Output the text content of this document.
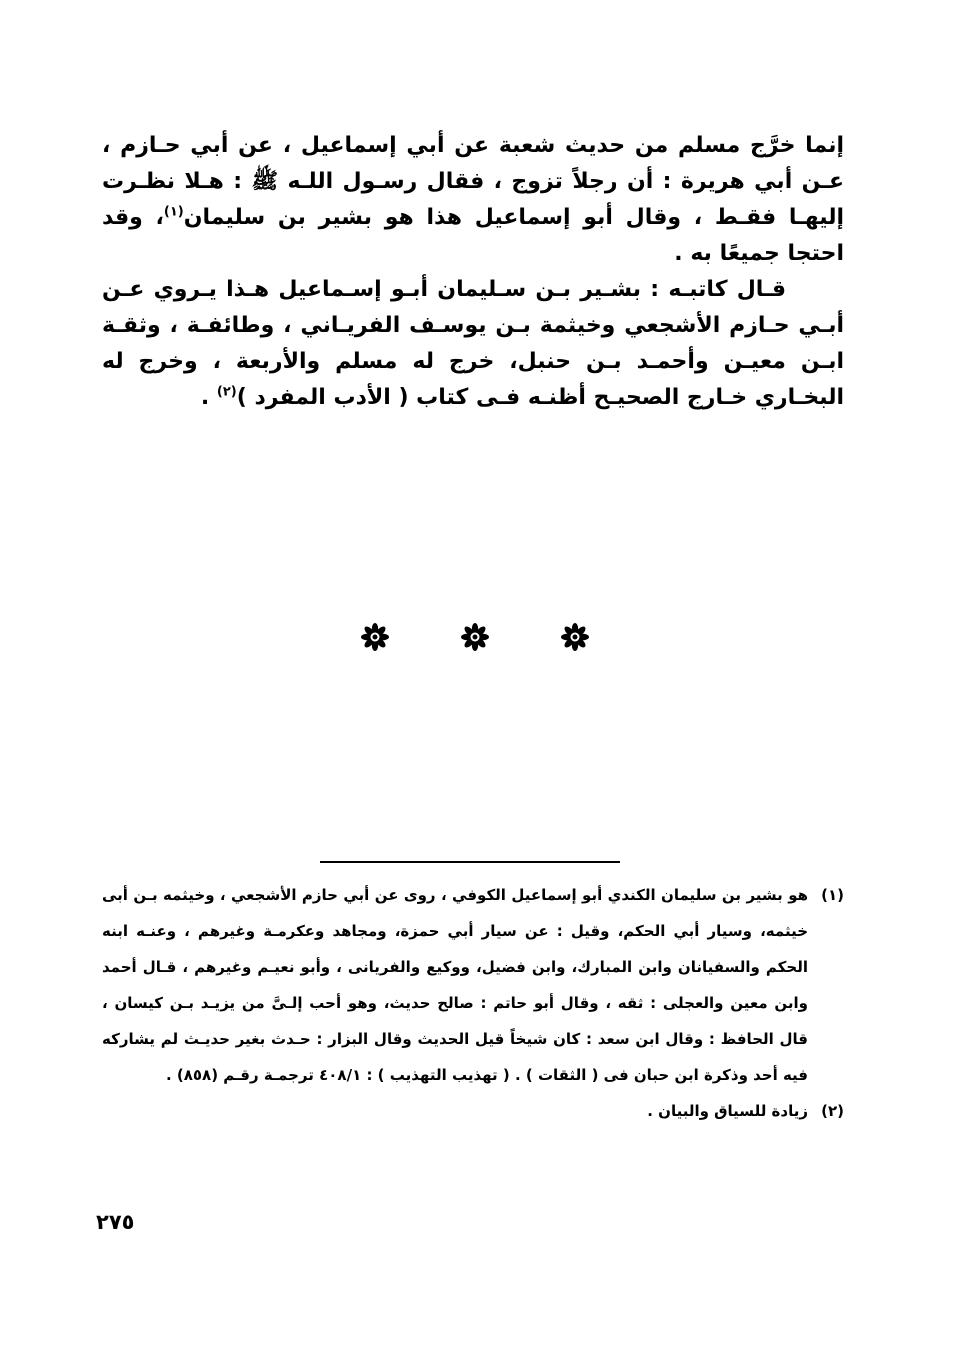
إنما خرَّج مسلم من حديث شعبة عن أبي إسماعيل ، عن أبي حـازم ، عـن أبي هريرة : أن رجلاً تزوج ، فقال رسـول اللـه ﷺ : هـلا نظـرت إليهـا فقـط ، وقال أبو إسماعيل هذا هو بشير بن سليمان$^{(١)}$، وقد احتجا جميعًا به .

قـال كاتبـه : بشـير بـن سـليمان أبـو إسـماعيل هـذا يـروي عـن أبـي حـازم الأشجعي وخيثمة بـن يوسـف الفريـاني ، وطائفـة ، وثقـة ابـن معيـن وأحمـد بـن حنبل، خرج له مسلم والأربعة ، وخرج له البخـاري خـارج الصحيـح أظنـه فـى كتاب ( الأدب المفرد )$^{(٢)}$ .

(١)
هو بشير بن سليمان الكندي أبو إسماعيل الكوفي ، روى عن أبي حازم الأشجعي ، وخيثمه بـن أبى خيثمه، وسيار أبي الحكم، وقيل : عن سيار أبي حمزة، ومجاهد وعكرمـة وغيرهم ، وعنـه ابنه الحكم والسفيانان وابن المبارك، وابن فضيل، ووكيع والفريانى ، وأبو نعيـم وغيرهم ، قـال أحمد وابن معين والعجلى : ثقه ، وقال أبو حاتم : صالح حديث، وهو أحب إلـىَّ من يزيـد بـن كيسان ، قال الحافظ : وقال ابن سعد : كان شيخاً قيل الحديث وقال البزار : حـدث بغير حديـث لم يشاركه فيه أحد وذكرة ابن حبان فى ( الثقات ) . ( تهذيب التهذيب ) : ٤٠٨/١ ترجمـة رقـم (٨٥٨) .
(٢)
زيادة للسياق والبيان .
٢٧٥
